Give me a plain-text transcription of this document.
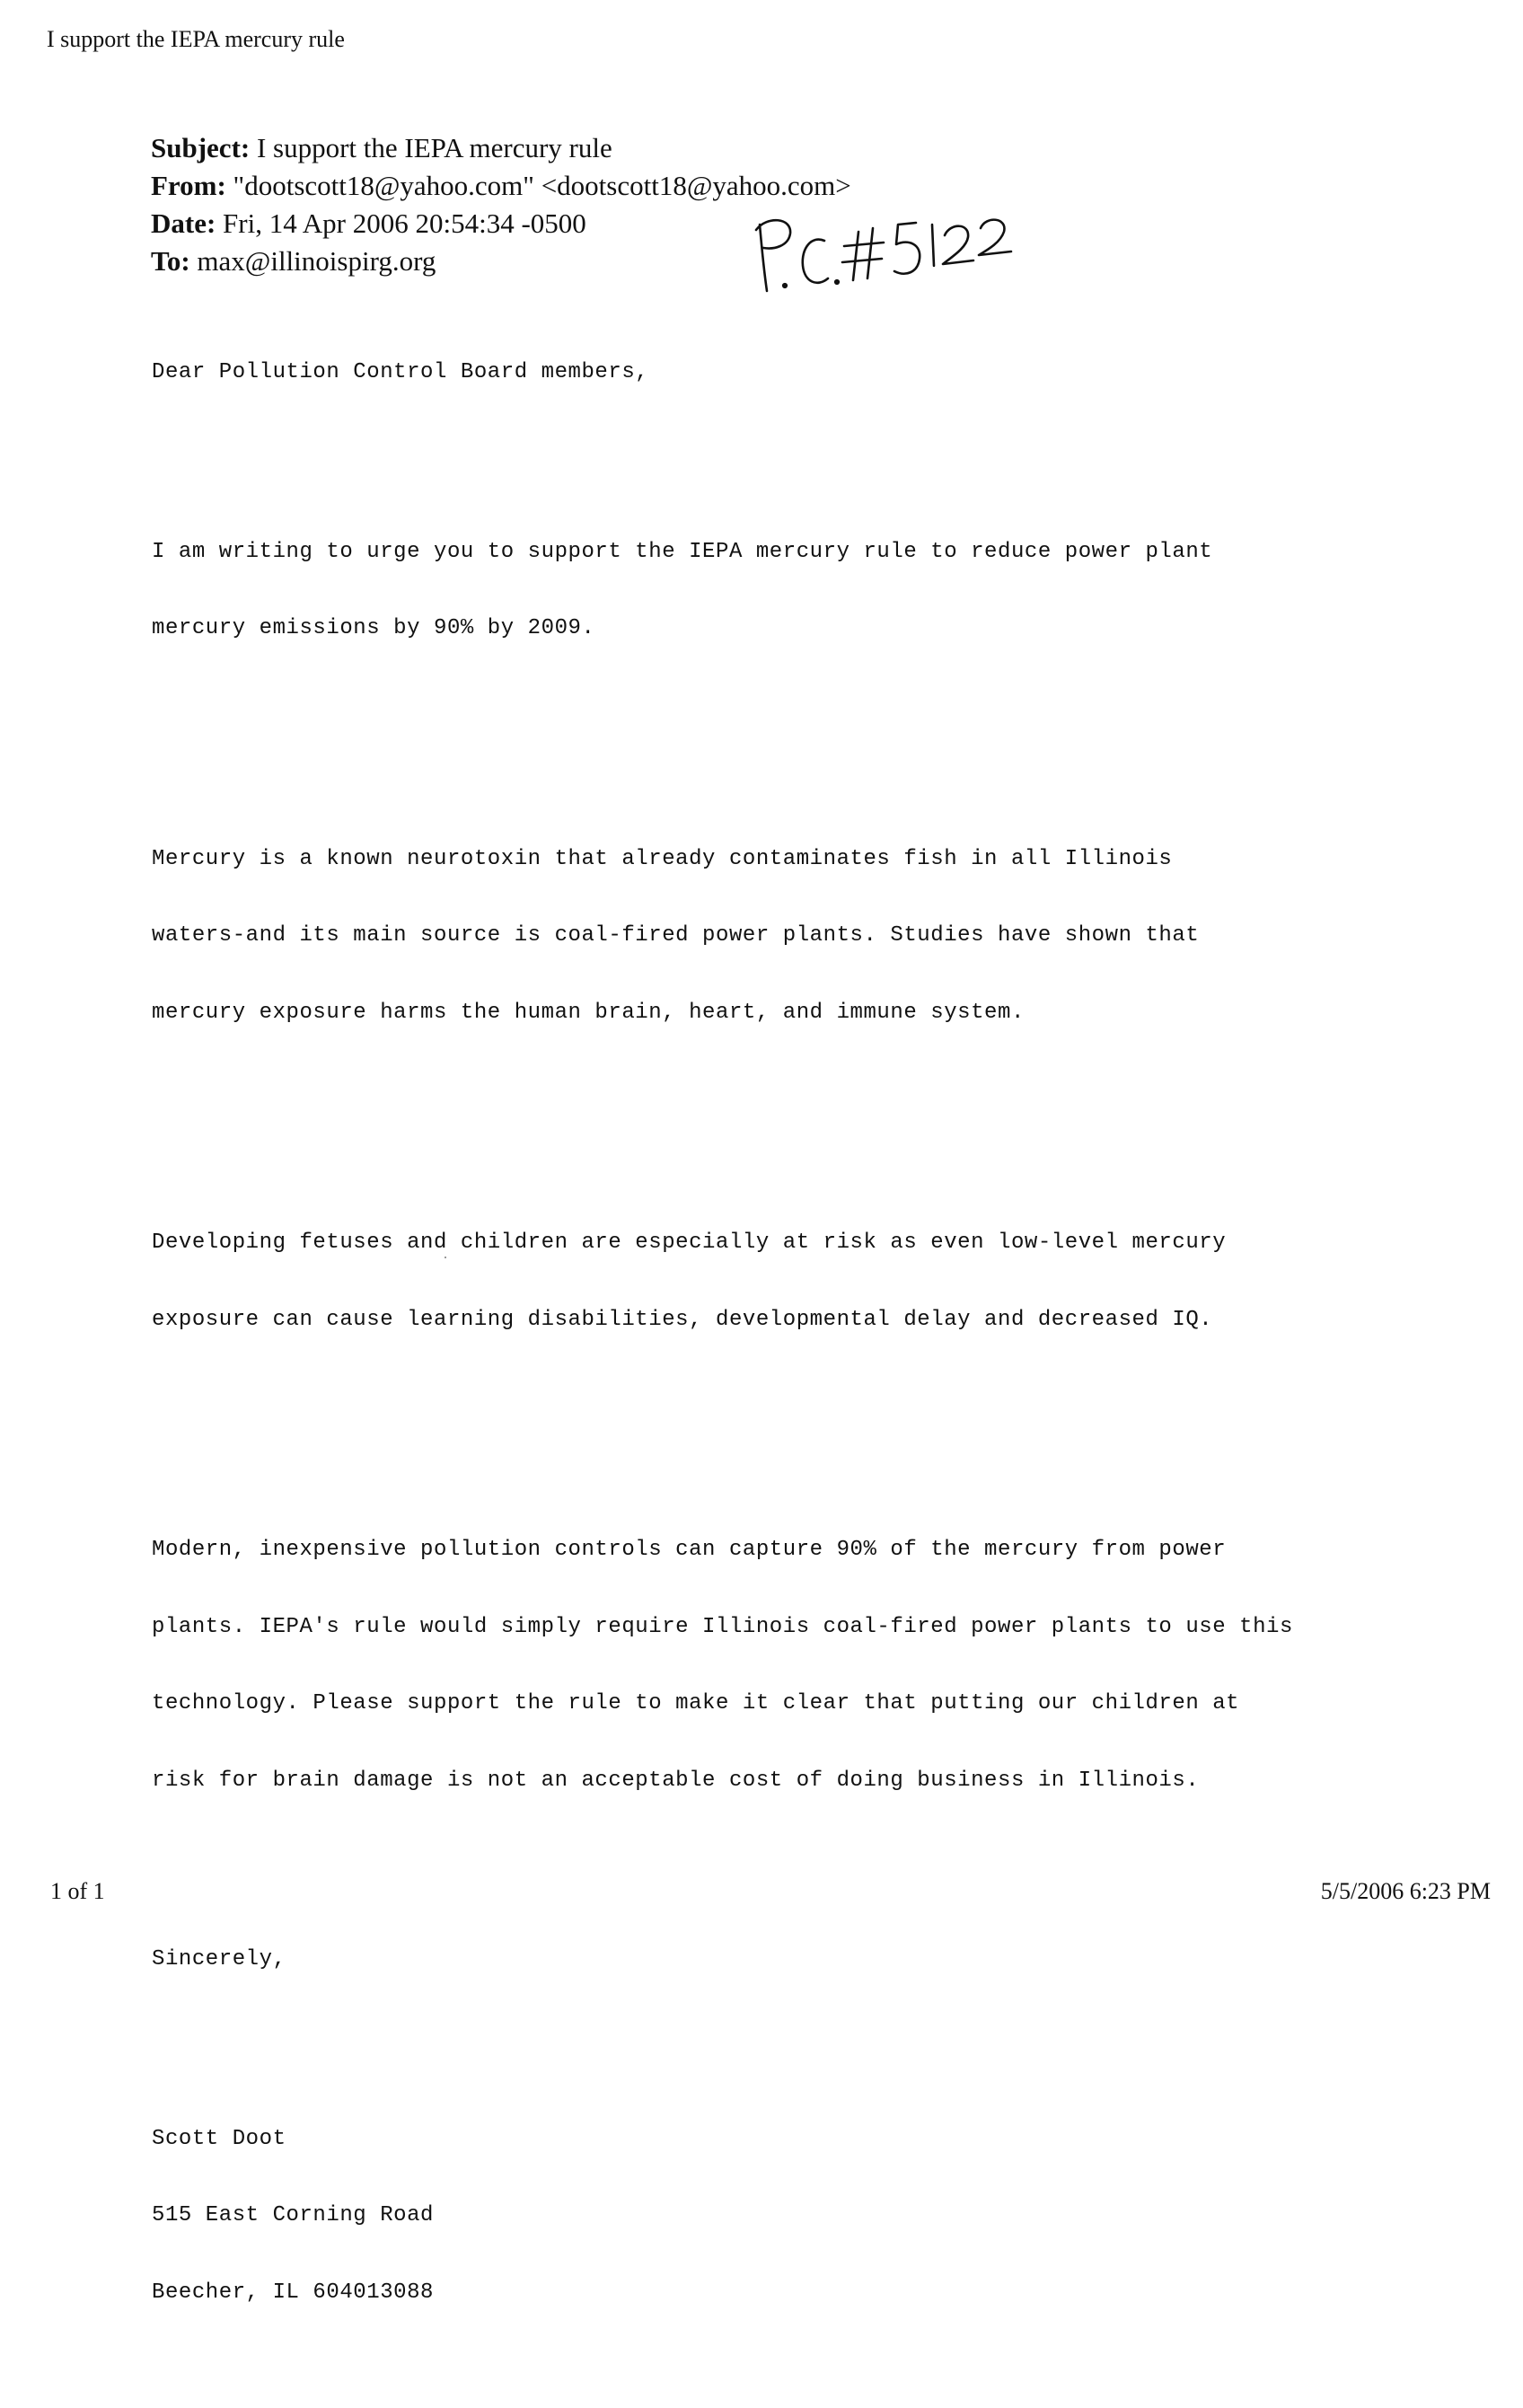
I support the IEPA mercury rule
Subject: I support the IEPA mercury rule
From: "dootscott18@yahoo.com" <dootscott18@yahoo.com>
Date: Fri, 14 Apr 2006 20:54:34 -0500
To: max@illinoispirg.org

Dear Pollution Control Board members,

I am writing to urge you to support the IEPA mercury rule to reduce power plant

mercury emissions by 90% by 2009.

Mercury is a known neurotoxin that already contaminates fish in all Illinois

waters-and its main source is coal-fired power plants. Studies have shown that

mercury exposure harms the human brain, heart, and immune system.

Developing fetuses and children are especially at risk as even low-level mercury

exposure can cause learning disabilities, developmental delay and decreased IQ.

Modern, inexpensive pollution controls can capture 90% of the mercury from power

plants. IEPA's rule would simply require Illinois coal-fired power plants to use this

technology. Please support the rule to make it clear that putting our children at

risk for brain damage is not an acceptable cost of doing business in Illinois.

Sincerely,

Scott Doot

515 East Corning Road

Beecher, IL 604013088

1 of 1	5/5/2006 6:23 PM
